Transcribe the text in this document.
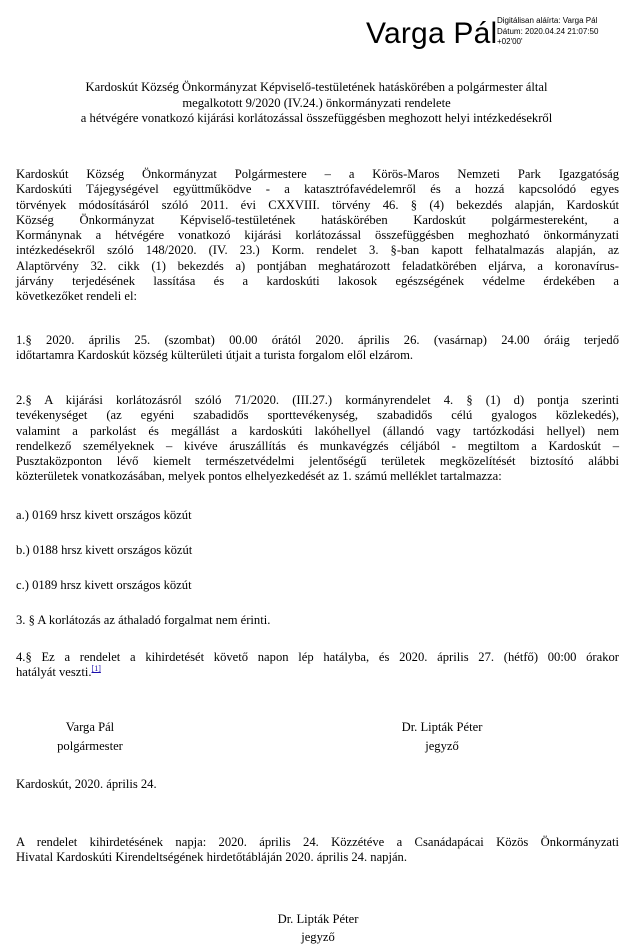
Varga Pál Digitálisan aláírta: Varga Pál
Dátum: 2020.04.24 21:07:50
+02'00'
Kardoskút Község Önkormányzat Képviselő-testületének hatáskörében a polgármester által
megalkotott 9/2020 (IV.24.) önkormányzati rendelete
a hétvégére vonatkozó kijárási korlátozással összefüggésben meghozott helyi intézkedésekről
Kardoskút Község Önkormányzat Polgármestere – a Körös-Maros Nemzeti Park Igazgatóság
Kardoskúti Tájegységével együttműködve - a katasztrófavédelemről és a hozzá kapcsolódó egyes
törvények módosításáról szóló 2011. évi CXXVIII. törvény 46. § (4) bekezdés alapján, Kardoskút
Község Önkormányzat Képviselő-testületének hatáskörében Kardoskút polgármestereként, a
Kormánynak a hétvégére vonatkozó kijárási korlátozással összefüggésben meghozható önkormányzati
intézkedésekről szóló 148/2020. (IV. 23.) Korm. rendelet 3. §-ban kapott felhatalmazás alapján, az
Alaptörvény 32. cikk (1) bekezdés a) pontjában meghatározott feladatkörében eljárva, a koronavírus-
járvány terjedésének lassítása és a kardoskúti lakosok egészségének védelme érdekében a
következőket rendeli el:
1.§ 2020. április 25. (szombat) 00.00 órától 2020. április 26. (vasárnap) 24.00 óráig terjedő
időtartamra Kardoskút község külterületi útjait a turista forgalom elől elzárom.
2.§ A kijárási korlátozásról szóló 71/2020. (III.27.) kormányrendelet 4. § (1) d) pontja szerinti
tevékenységet (az egyéni szabadidős sporttevékenység, szabadidős célú gyalogos közlekedés),
valamint a parkolást és megállást a kardoskúti lakóhellyel (állandó vagy tartózkodási hellyel) nem
rendelkező személyeknek – kivéve áruszállítás és munkavégzés céljából - megtiltom a Kardoskút –
Pusztaközponton lévő kiemelt természetvédelmi jelentőségű területek megközelítését biztosító alábbi
közterületek vonatkozásában, melyek pontos elhelyezkedését az 1. számú melléklet tartalmazza:
a.) 0169 hrsz kivett országos közút
b.) 0188 hrsz kivett országos közút
c.) 0189 hrsz kivett országos közút
3. § A korlátozás az áthaladó forgalmat nem érinti.
4.§ Ez a rendelet a kihirdetését követő napon lép hatályba, és 2020. április 27. (hétfő) 00:00 órakor
hatályát veszti.[1]
Varga Pál
polgármester
Dr. Lipták Péter
jegyző
Kardoskút, 2020. április 24.
A rendelet kihirdetésének napja: 2020. április 24. Közzétéve a Csanádapácai Közös Önkormányzati
Hivatal Kardoskúti Kirendeltségének hirdetőtábláján 2020. április 24. napján.
Dr. Lipták Péter
jegyző
